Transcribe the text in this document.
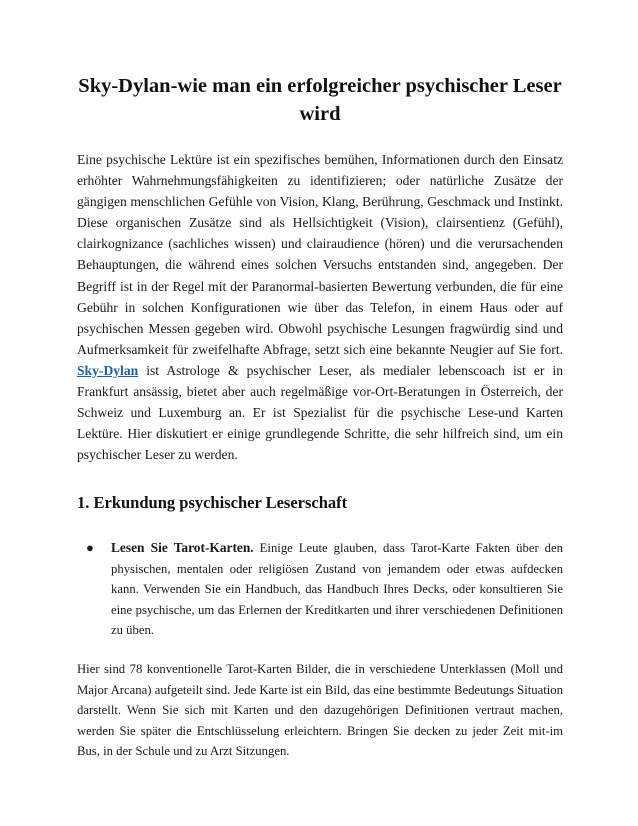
Sky-Dylan-wie man ein erfolgreicher psychischer Leser wird

Eine psychische Lektüre ist ein spezifisches bemühen, Informationen durch den Einsatz erhöhter Wahrnehmungsfähigkeiten zu identifizieren; oder natürliche Zusätze der gängigen menschlichen Gefühle von Vision, Klang, Berührung, Geschmack und Instinkt. Diese organischen Zusätze sind als Hellsichtigkeit (Vision), clairsentienz (Gefühl), clairkognizance (sachliches wissen) und clairaudience (hören) und die verursachenden Behauptungen, die während eines solchen Versuchs entstanden sind, angegeben. Der Begriff ist in der Regel mit der Paranormal-basierten Bewertung verbunden, die für eine Gebühr in solchen Konfigurationen wie über das Telefon, in einem Haus oder auf psychischen Messen gegeben wird. Obwohl psychische Lesungen fragwürdig sind und Aufmerksamkeit für zweifelhafte Abfrage, setzt sich eine bekannte Neugier auf Sie fort. Sky-Dylan ist Astrologe & psychischer Leser, als medialer lebenscoach ist er in Frankfurt ansässig, bietet aber auch regelmäßige vor-Ort-Beratungen in Österreich, der Schweiz und Luxemburg an. Er ist Spezialist für die psychische Lese-und Karten Lektüre. Hier diskutiert er einige grundlegende Schritte, die sehr hilfreich sind, um ein psychischer Leser zu werden.

1. Erkundung psychischer Leserschaft
● Lesen Sie Tarot-Karten. Einige Leute glauben, dass Tarot-Karte Fakten über den physischen, mentalen oder religiösen Zustand von jemandem oder etwas aufdecken kann. Verwenden Sie ein Handbuch, das Handbuch Ihres Decks, oder konsultieren Sie eine psychische, um das Erlernen der Kreditkarten und ihrer verschiedenen Definitionen zu üben.

Hier sind 78 konventionelle Tarot-Karten Bilder, die in verschiedene Unterklassen (Moll und Major Arcana) aufgeteilt sind. Jede Karte ist ein Bild, das eine bestimmte Bedeutungs Situation darstellt. Wenn Sie sich mit Karten und den dazugehörigen Definitionen vertraut machen, werden Sie später die Entschlüsselung erleichtern. Bringen Sie decken zu jeder Zeit mit-im Bus, in der Schule und zu Arzt Sitzungen.
